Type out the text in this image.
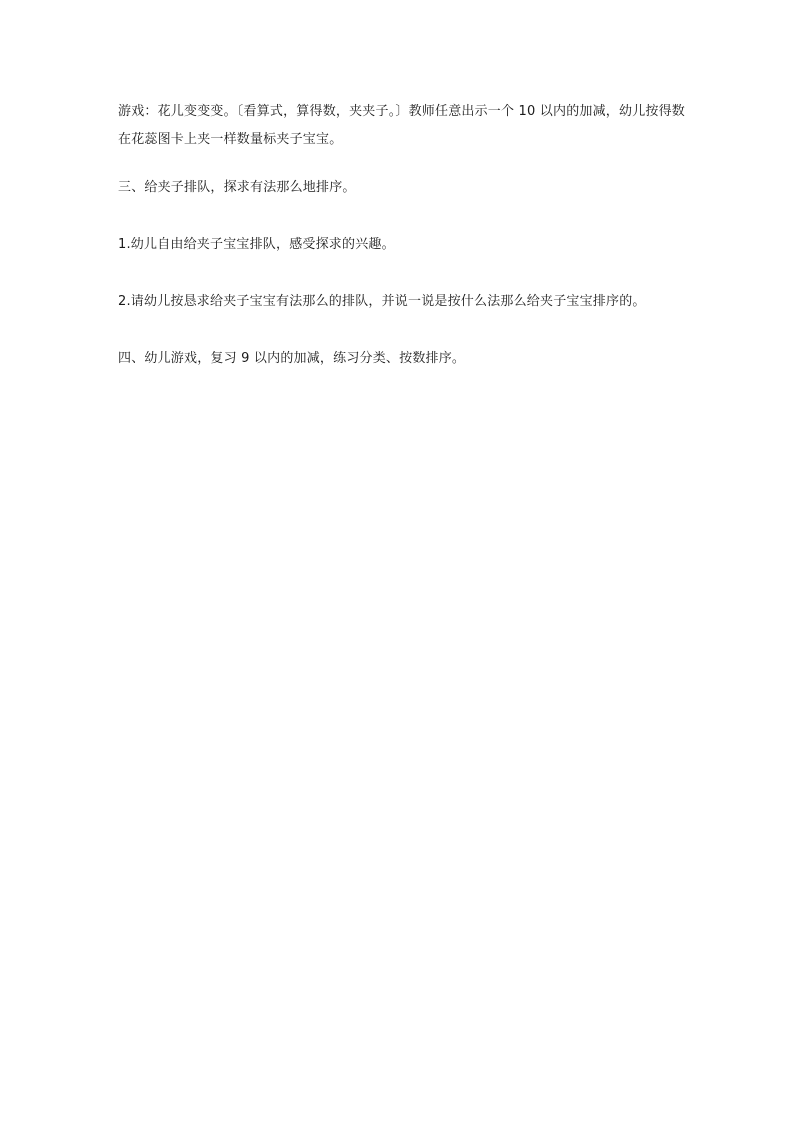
游戏：花儿变变变。〔看算式，算得数，夹夹子。〕教师任意出示一个 10 以内的加减，幼儿按得数在花蕊图卡上夹一样数量标夹子宝宝。

三、给夹子排队，探求有法那么地排序。

1.幼儿自由给夹子宝宝排队，感受探求的兴趣。

2.请幼儿按恳求给夹子宝宝有法那么的排队，并说一说是按什么法那么给夹子宝宝排序的。

四、幼儿游戏，复习 9 以内的加减，练习分类、按数排序。
